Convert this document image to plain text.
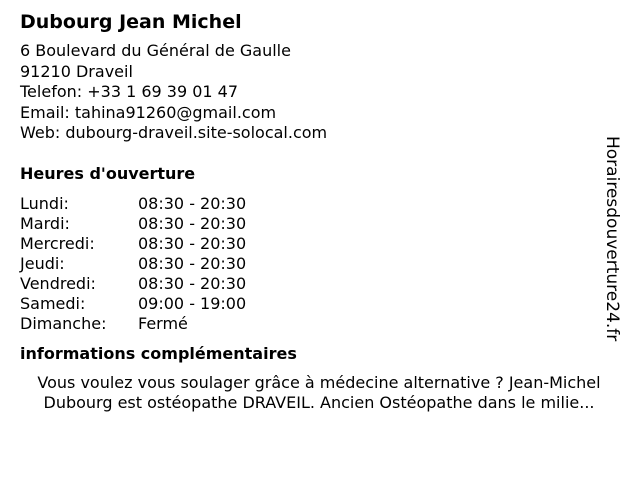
Dubourg Jean Michel
6 Boulevard du Général de Gaulle
91210 Draveil
Telefon: +33 1 69 39 01 47
Email: tahina91260@gmail.com
Web: dubourg-draveil.site-solocal.com
Heures d'ouverture
Lundi:	08:30 - 20:30
Mardi:	08:30 - 20:30
Mercredi:	08:30 - 20:30
Jeudi:	08:30 - 20:30
Vendredi:	08:30 - 20:30
Samedi:	09:00 - 19:00
Dimanche:	Fermé
informations complémentaires
Vous voulez vous soulager grâce à médecine alternative ? Jean-Michel
Dubourg est ostéopathe DRAVEIL. Ancien Ostéopathe dans le milie...
Horairesdouverture24.fr
